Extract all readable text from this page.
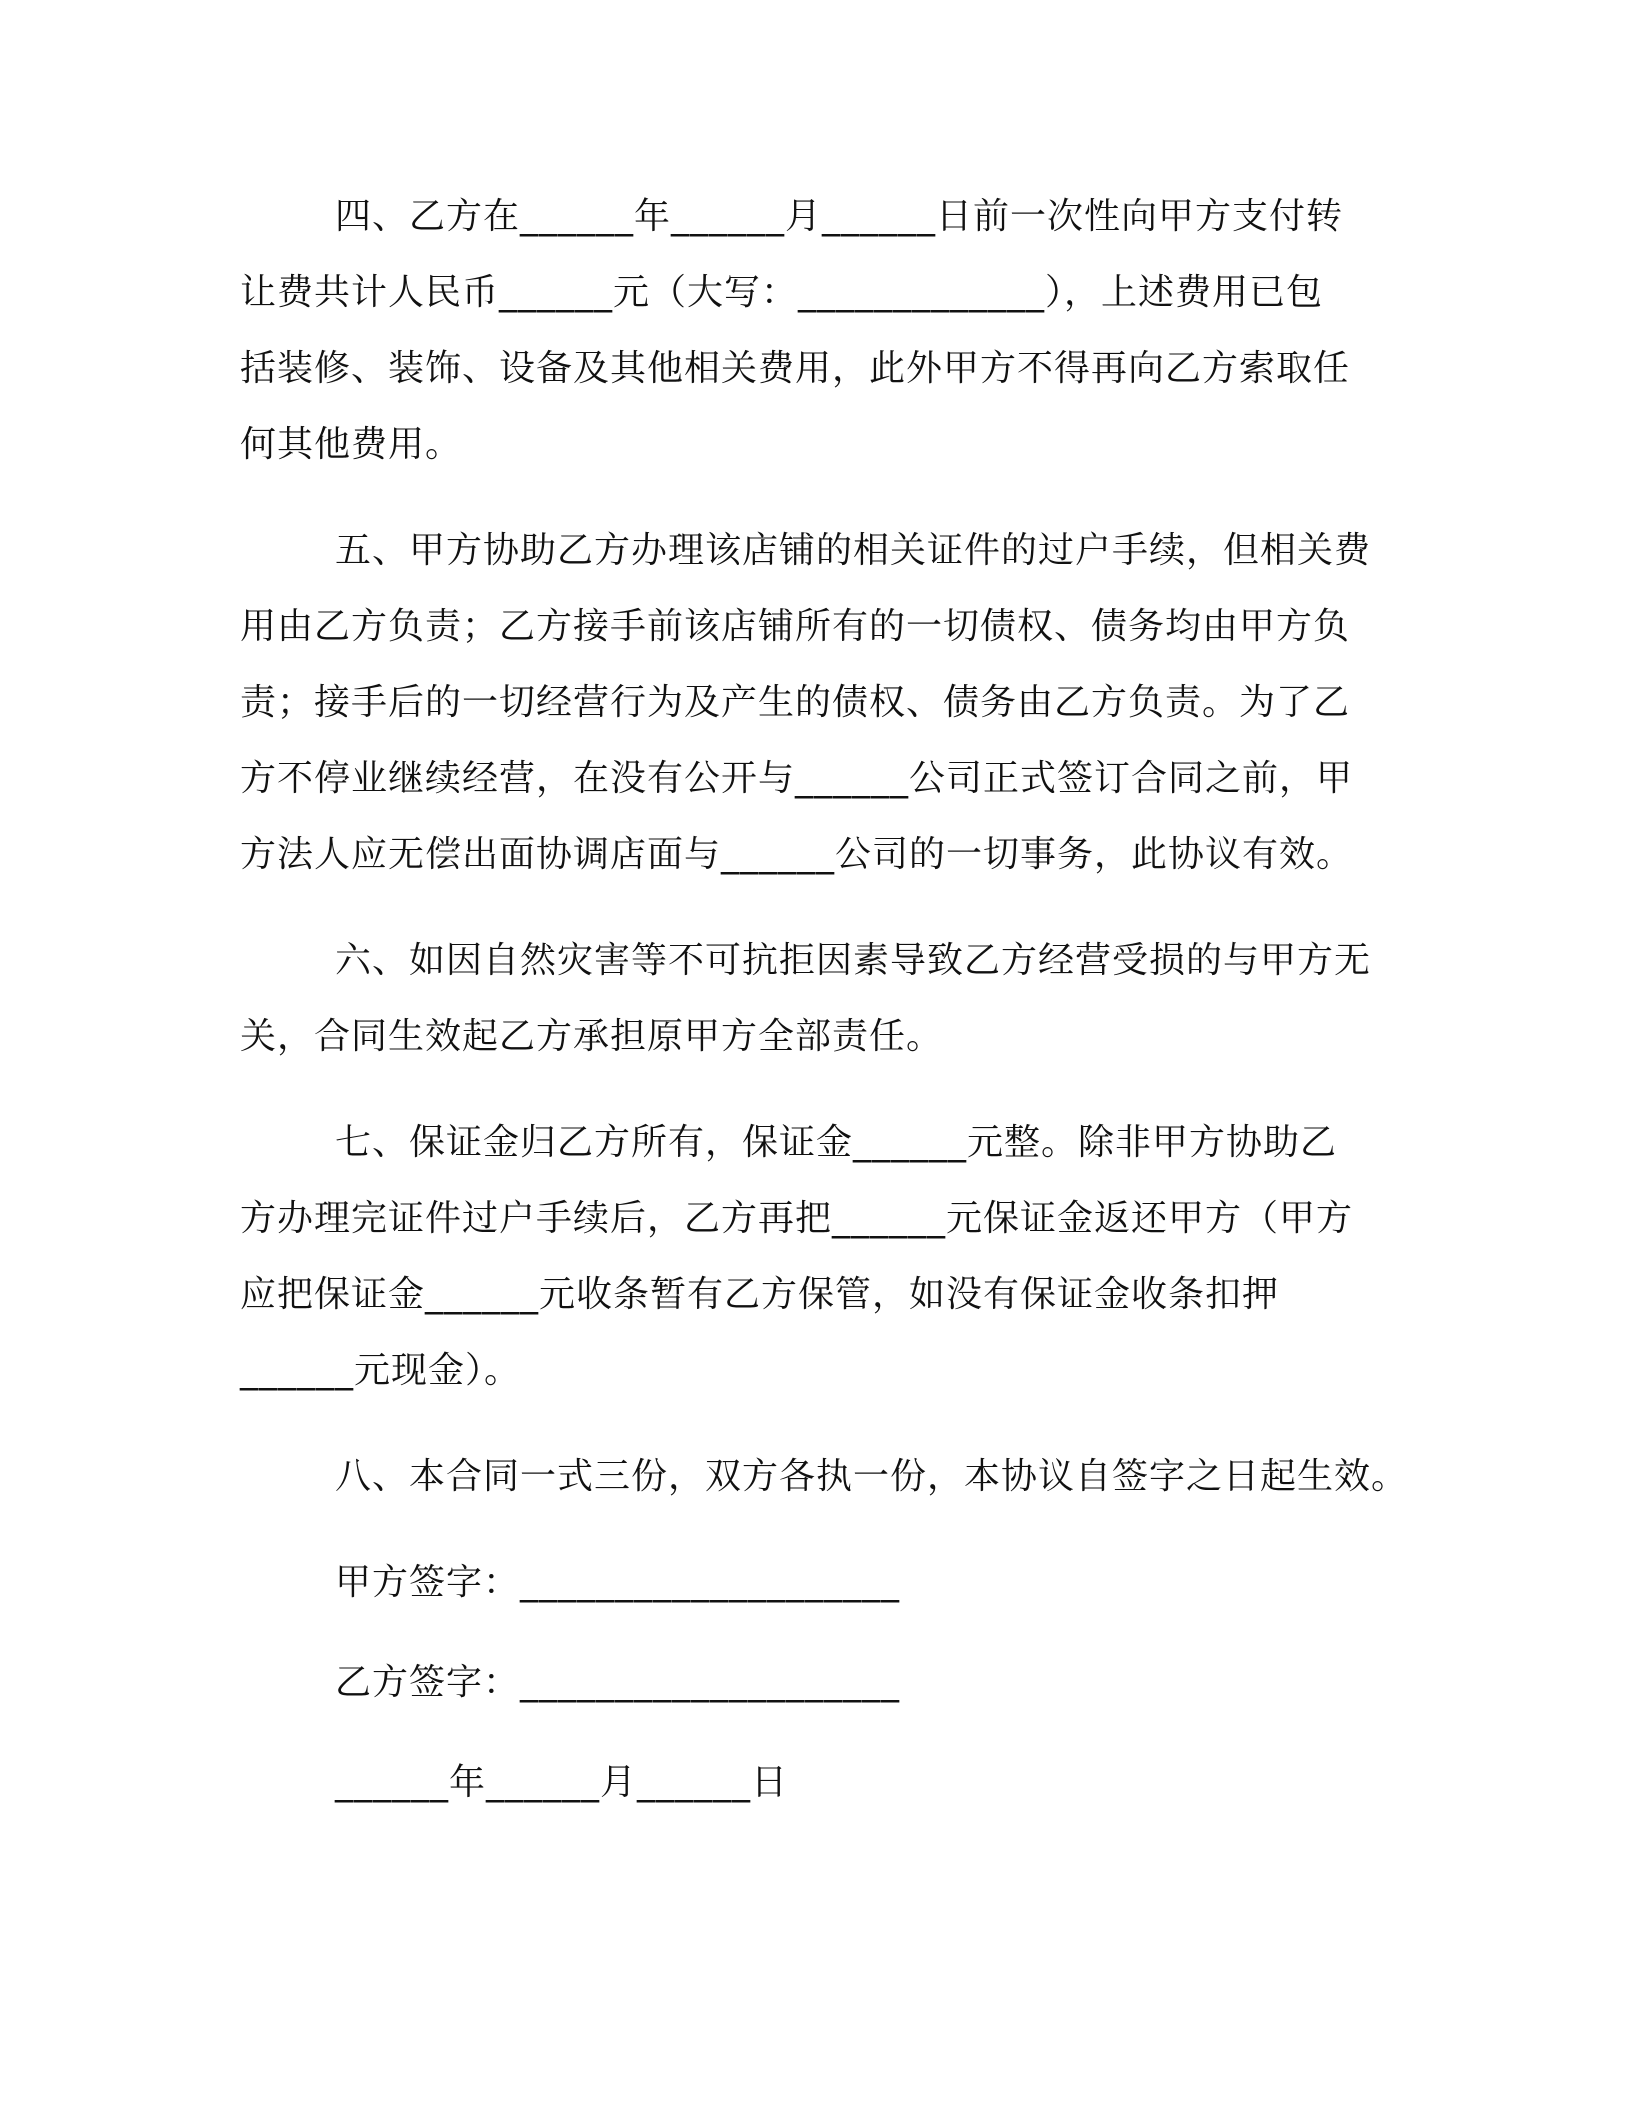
四、乙方在______年______月______日前一次性向甲方支付转
让费共计人民币______元（大写：_____________），上述费用已包
括装修、装饰、设备及其他相关费用，此外甲方不得再向乙方索取任
何其他费用。
五、甲方协助乙方办理该店铺的相关证件的过户手续，但相关费
用由乙方负责；乙方接手前该店铺所有的一切债权、债务均由甲方负
责；接手后的一切经营行为及产生的债权、债务由乙方负责。为了乙
方不停业继续经营，在没有公开与______公司正式签订合同之前，甲
方法人应无偿出面协调店面与______公司的一切事务，此协议有效。
六、如因自然灾害等不可抗拒因素导致乙方经营受损的与甲方无
关，合同生效起乙方承担原甲方全部责任。
七、保证金归乙方所有，保证金______元整。除非甲方协助乙
方办理完证件过户手续后，乙方再把______元保证金返还甲方（甲方
应把保证金______元收条暂有乙方保管，如没有保证金收条扣押
______元现金）。
八、本合同一式三份，双方各执一份，本协议自签字之日起生效。
甲方签字：____________________
乙方签字：____________________
______年______月______日
